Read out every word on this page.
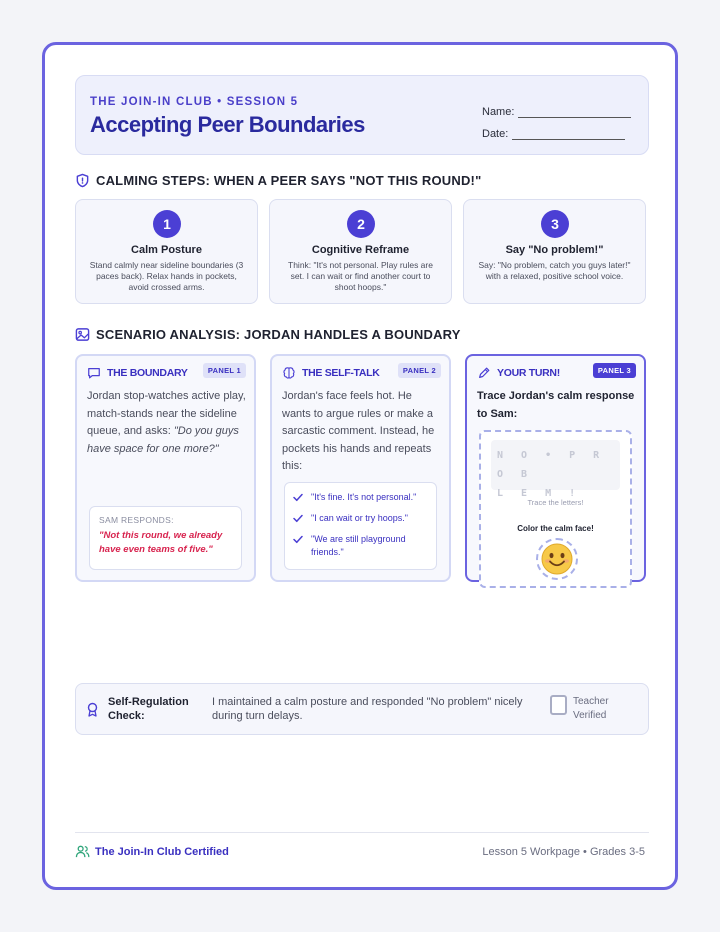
THE JOIN-IN CLUB • SESSION 5
Accepting Peer Boundaries	Name:
Date:
CALMING STEPS: WHEN A PEER SAYS "NOT THIS ROUND!"
1
Calm Posture
Stand calmly near sideline boundaries (3 paces back). Relax hands in pockets, avoid crossed arms.
2
Cognitive Reframe
Think: "It's not personal. Play rules are set. I can wait or find another court to shoot hoops."
3
Say "No problem!"
Say: "No problem, catch you guys later!" with a relaxed, positive school voice.
SCENARIO ANALYSIS: JORDAN HANDLES A BOUNDARY
THE BOUNDARY	PANEL 1
Jordan stop-watches active play, match-stands near the sideline queue, and asks: "Do you guys have space for one more?"
SAM RESPONDS:
"Not this round, we already have even teams of five."
THE SELF-TALK	PANEL 2
Jordan's face feels hot. He wants to argue rules or make a sarcastic comment. Instead, he pockets his hands and repeats this:
"It's fine. It's not personal."
"I can wait or try hoops."
"We are still playground friends."
YOUR TURN!	PANEL 3
Trace Jordan's calm response to Sam:
N O • P R O B
L E M !
Trace the letters!
Color the calm face!
Self-Regulation Check:
I maintained a calm posture and responded "No problem" nicely during turn delays.
Teacher Verified
The Join-In Club Certified	Lesson 5 Workpage • Grades 3-5
